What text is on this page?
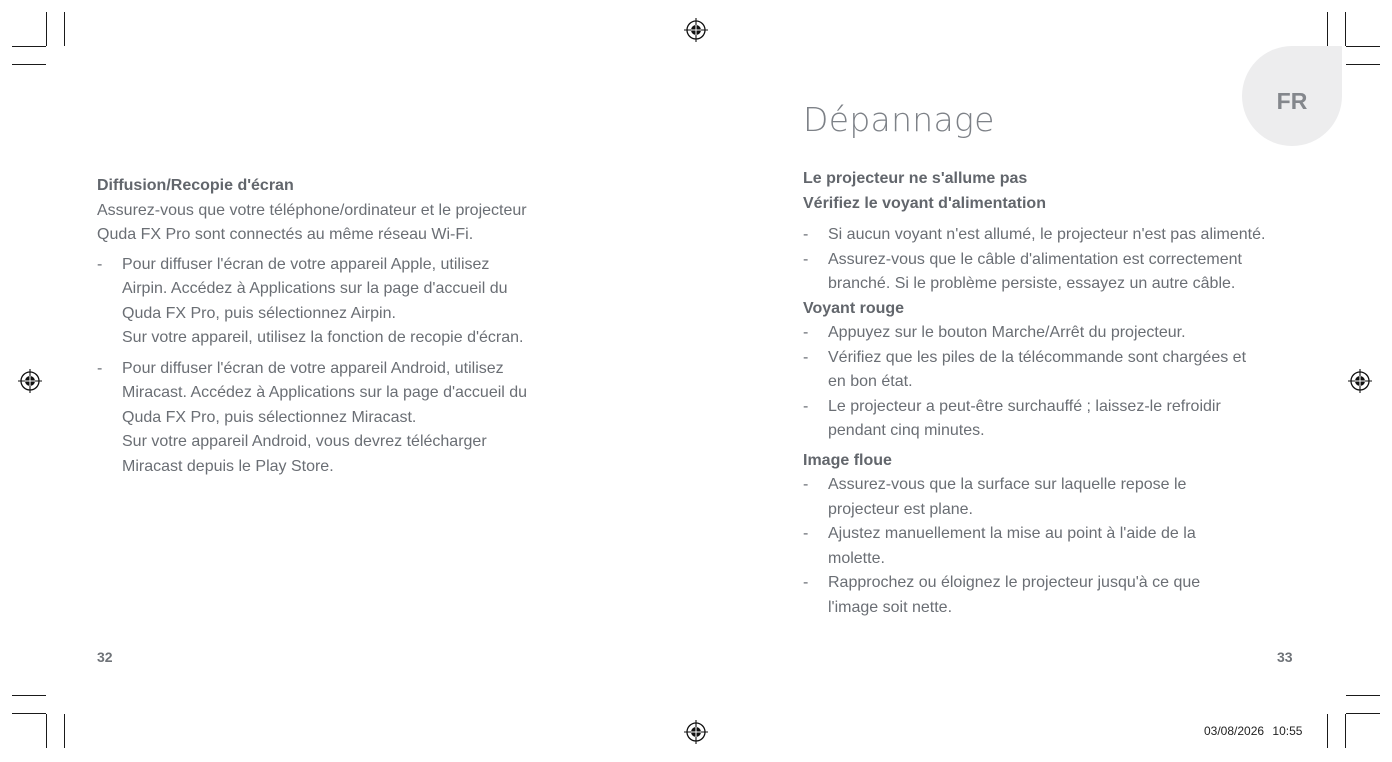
FR
Dépannage

Diffusion/Recopie d'écran

Assurez-vous que votre téléphone/ordinateur et le projecteur

Quda FX Pro sont connectés au même réseau Wi-Fi.

- Pour diffuser l'écran de votre appareil Apple, utilisez
Airpin. Accédez à Applications sur la page d'accueil du
Quda FX Pro, puis sélectionnez Airpin.
Sur votre appareil, utilisez la fonction de recopie d'écran.
- Pour diffuser l'écran de votre appareil Android, utilisez
Miracast. Accédez à Applications sur la page d'accueil du
Quda FX Pro, puis sélectionnez Miracast.
Sur votre appareil Android, vous devrez télécharger
Miracast depuis le Play Store.

Le projecteur ne s'allume pas

Vérifiez le voyant d'alimentation

- Si aucun voyant n'est allumé, le projecteur n'est pas alimenté.
- Assurez-vous que le câble d'alimentation est correctement
branché. Si le problème persiste, essayez un autre câble.

Voyant rouge

- Appuyez sur le bouton Marche/Arrêt du projecteur.
- Vérifiez que les piles de la télécommande sont chargées et
en bon état.
- Le projecteur a peut-être surchauffé ; laissez-le refroidir
pendant cinq minutes.

Image floue

- Assurez-vous que la surface sur laquelle repose le
projecteur est plane.
- Ajustez manuellement la mise au point à l'aide de la
molette.
- Rapprochez ou éloignez le projecteur jusqu'à ce que
l'image soit nette.
32	33
03/08/2026 10:55
